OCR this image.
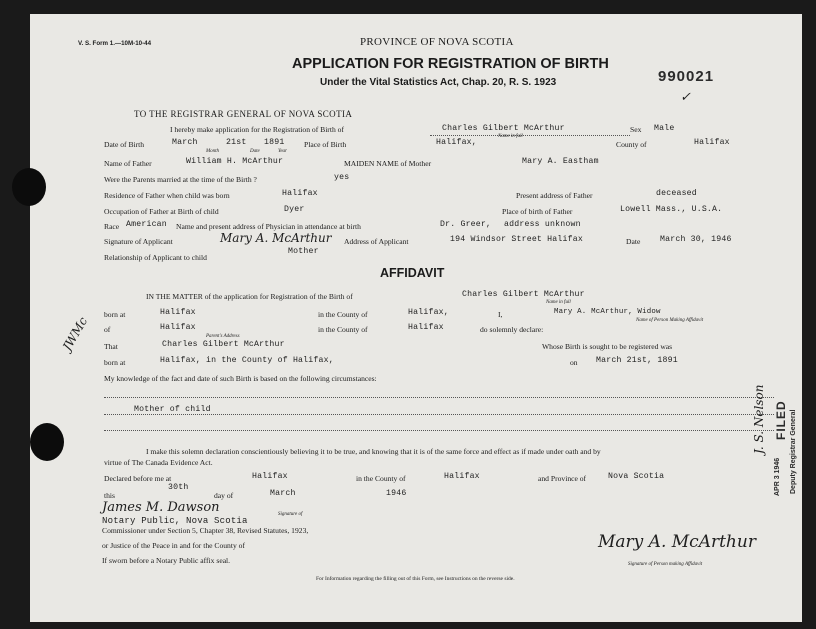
V. S. Form 1.—10M-10-44	PROVINCE OF NOVA SCOTIA
APPLICATION FOR REGISTRATION OF BIRTH
Under the Vital Statistics Act, Chap. 20, R. S. 1923	990021
✓
TO THE REGISTRAR GENERAL OF NOVA SCOTIA
I hereby make application for the Registration of Birth of	Charles Gilbert McArthur
Name in full
Sex Male
Date of Birth	March	21st 1891
Month	Date	Year
Place of Birth	Halifax,	County of	Halifax
Name of Father	William H. McArthur	MAIDEN NAME of Mother	Mary A. Eastham
Were the Parents married at the time of the Birth ?	yes
Residence of Father when child was born	Halifax	Present address of Father	deceased
Occupation of Father at Birth of child	Dyer	Place of birth of Father	Lowell Mass., U.S.A.
Race American Name and present address of Physician in attendance at birth	Dr. Greer, address unknown
Signature of Applicant	Mary A. McArthur Address of Applicant	194 Windsor Street Halifax	Date March 30, 1946
Relationship of Applicant to child
Mother
AFFIDAVIT
IN THE MATTER of the application for Registration of the Birth of	Charles Gilbert McArthur
Name in full
born at	Halifax	in the County of	Halifax,	I,	Mary A. McArthur, Widow
Name of Person Making Affidavit
of	Halifax	in the County of	Halifax	do solemnly declare:
That	Charles Gilbert McArthur
Parent's Address
Whose Birth is sought to be registered was
born at	Halifax, in the County of Halifax,	on March 21st, 1891
My knowledge of the fact and date of such Birth is based on the following circumstances:
Mother of child
I make this solemn declaration conscientiously believing it to be true, and knowing that it is of the same force and effect as if made under oath and by
virtue of The Canada Evidence Act.
Declared before me at	Halifax	in the County of	Halifax	and Province of	Nova Scotia
this
30th
day of	March	1946
James M. Dawson	Signature of
Notary Public, Nova Scotia
Commissioner under Section 5, Chapter 38, Revised Statutes, 1923,
or Justice of the Peace in and for the County of
If sworn before a Notary Public affix seal.
Mary A. McArthur
Signature of Person making Affidavit
For Information regarding the filling out of this Form, see Instructions on the reverse side.
JWMc
FILED
APR 3 1946 Deputy Registrar General
J. S. Nelson
